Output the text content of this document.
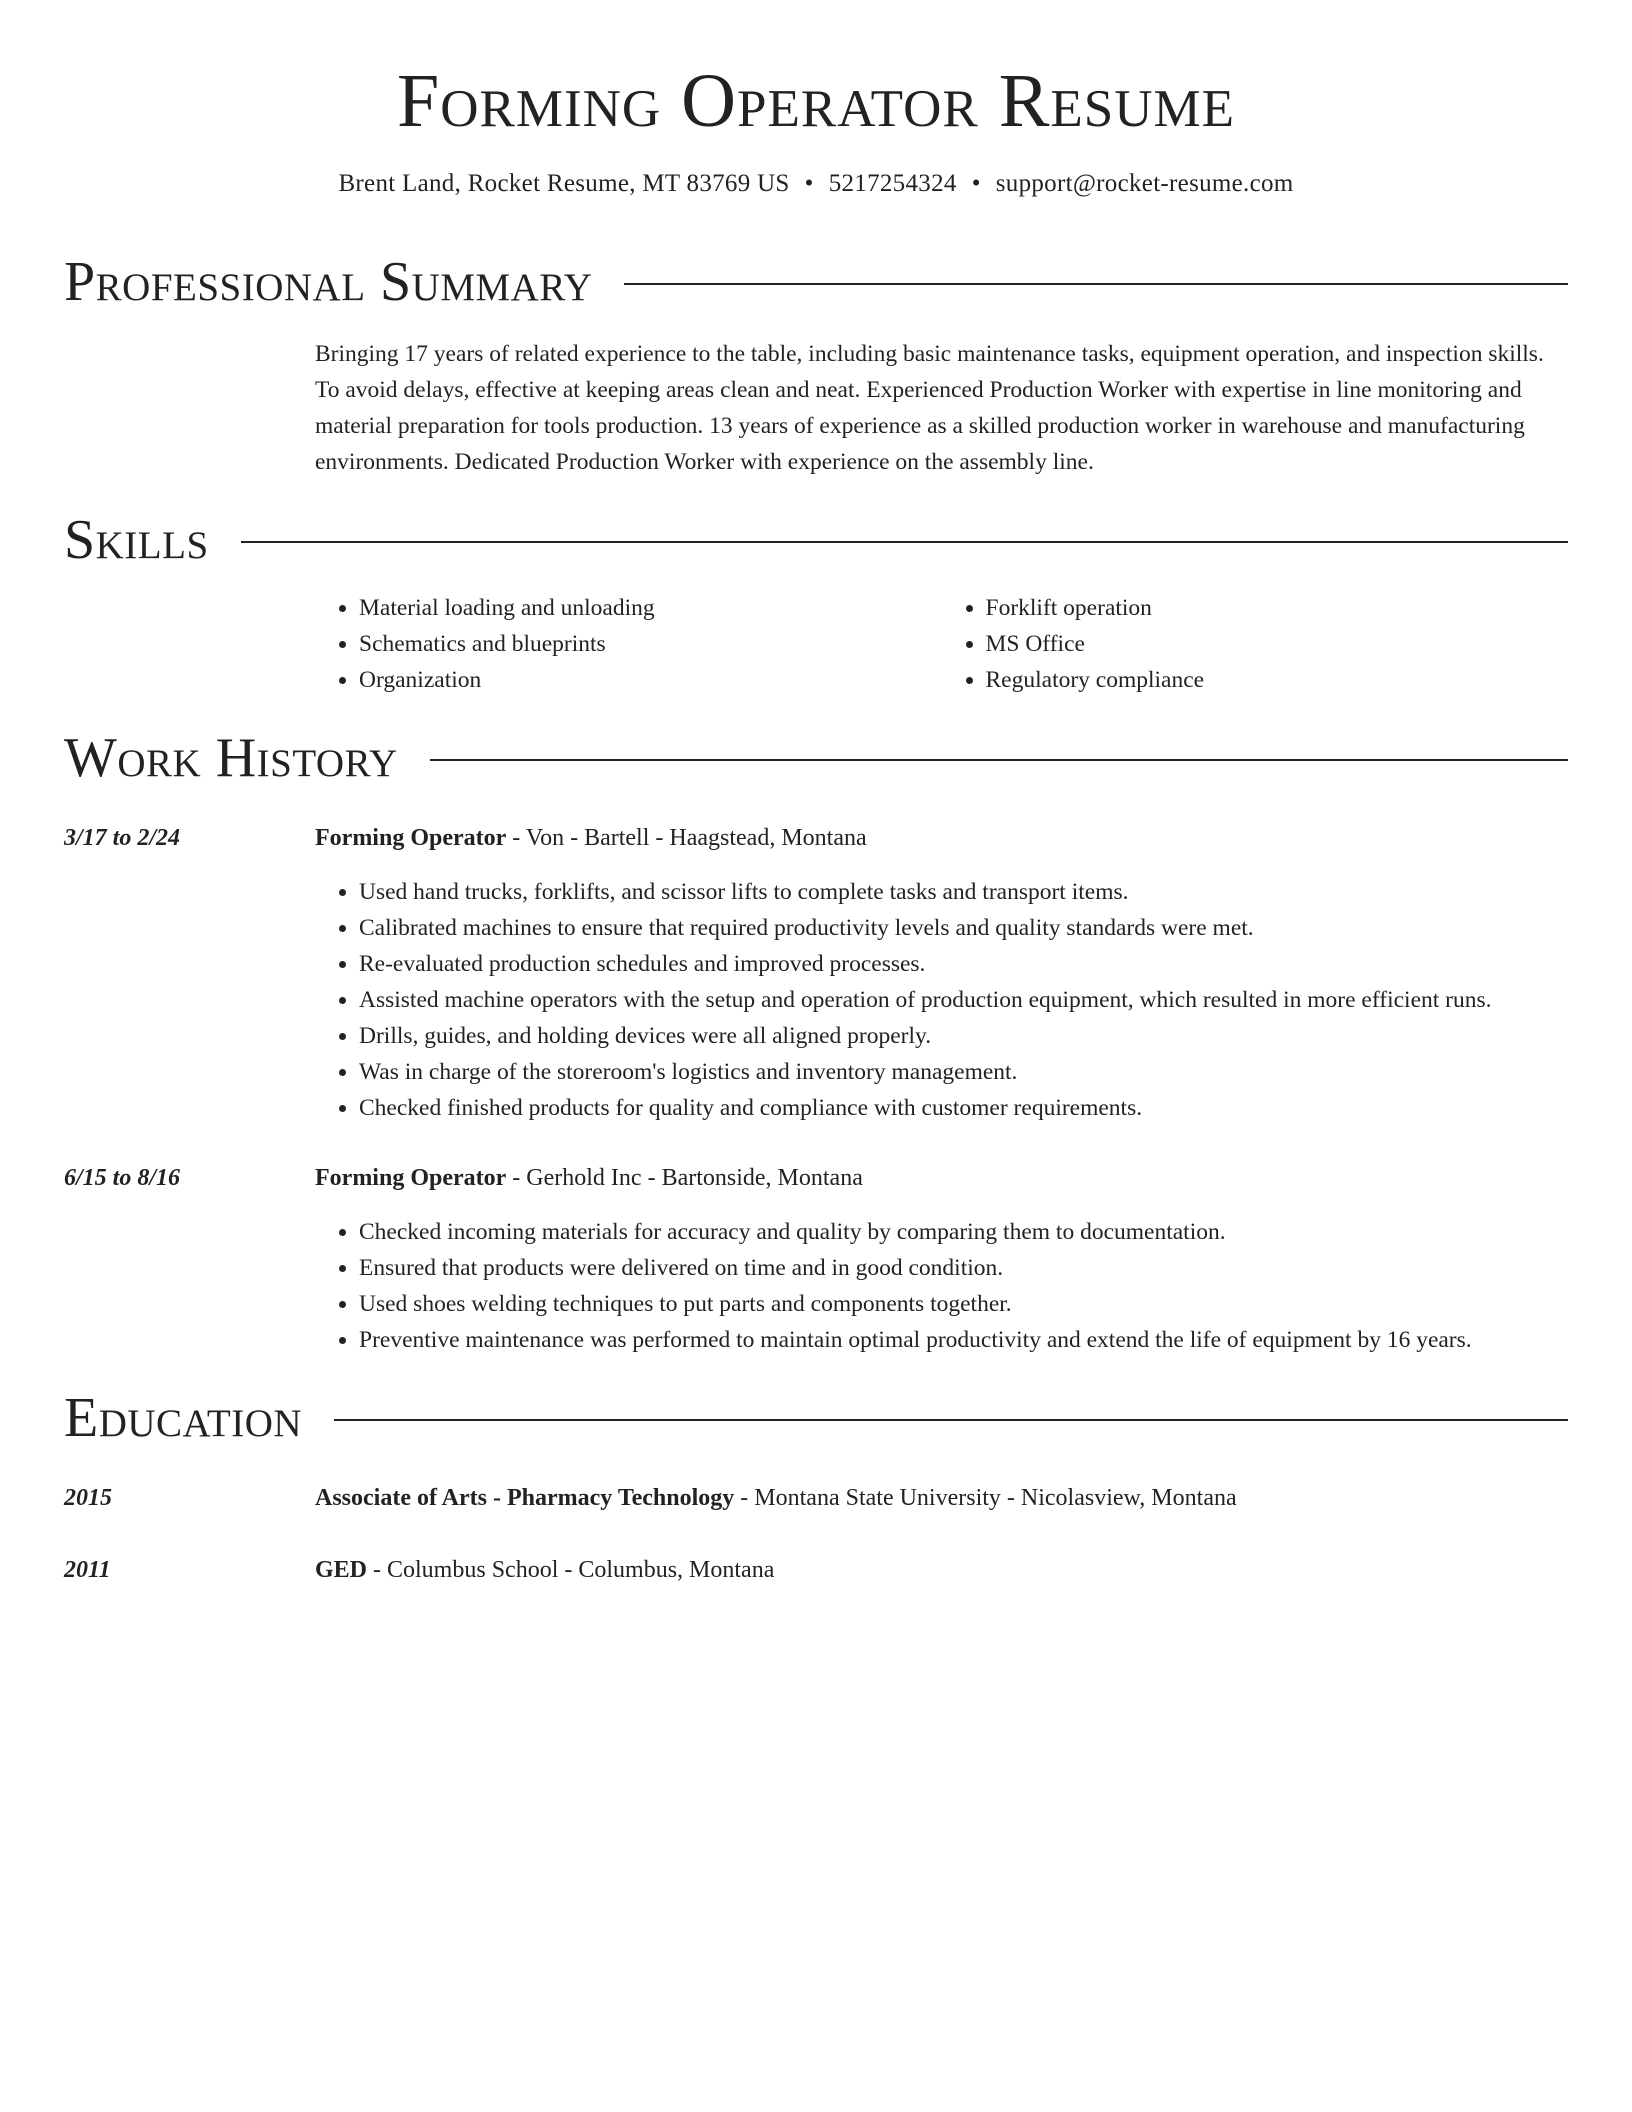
Forming Operator Resume
Brent Land, Rocket Resume, MT 83769 US • 5217254324 • support@rocket-resume.com
Professional Summary
Bringing 17 years of related experience to the table, including basic maintenance tasks, equipment operation, and inspection skills. To avoid delays, effective at keeping areas clean and neat. Experienced Production Worker with expertise in line monitoring and material preparation for tools production. 13 years of experience as a skilled production worker in warehouse and manufacturing environments. Dedicated Production Worker with experience on the assembly line.
Skills
• Material loading and unloading
• Schematics and blueprints
• Organization
• Forklift operation
• MS Office
• Regulatory compliance
Work History
3/17 to 2/24	Forming Operator - Von - Bartell - Haagstead, Montana
• Used hand trucks, forklifts, and scissor lifts to complete tasks and transport items.
• Calibrated machines to ensure that required productivity levels and quality standards were met.
• Re-evaluated production schedules and improved processes.
• Assisted machine operators with the setup and operation of production equipment, which resulted in more efficient runs.
• Drills, guides, and holding devices were all aligned properly.
• Was in charge of the storeroom's logistics and inventory management.
• Checked finished products for quality and compliance with customer requirements.
6/15 to 8/16	Forming Operator - Gerhold Inc - Bartonside, Montana
• Checked incoming materials for accuracy and quality by comparing them to documentation.
• Ensured that products were delivered on time and in good condition.
• Used shoes welding techniques to put parts and components together.
• Preventive maintenance was performed to maintain optimal productivity and extend the life of equipment by 16 years.
Education
2015	Associate of Arts - Pharmacy Technology - Montana State University - Nicolasview, Montana
2011	GED - Columbus School - Columbus, Montana
